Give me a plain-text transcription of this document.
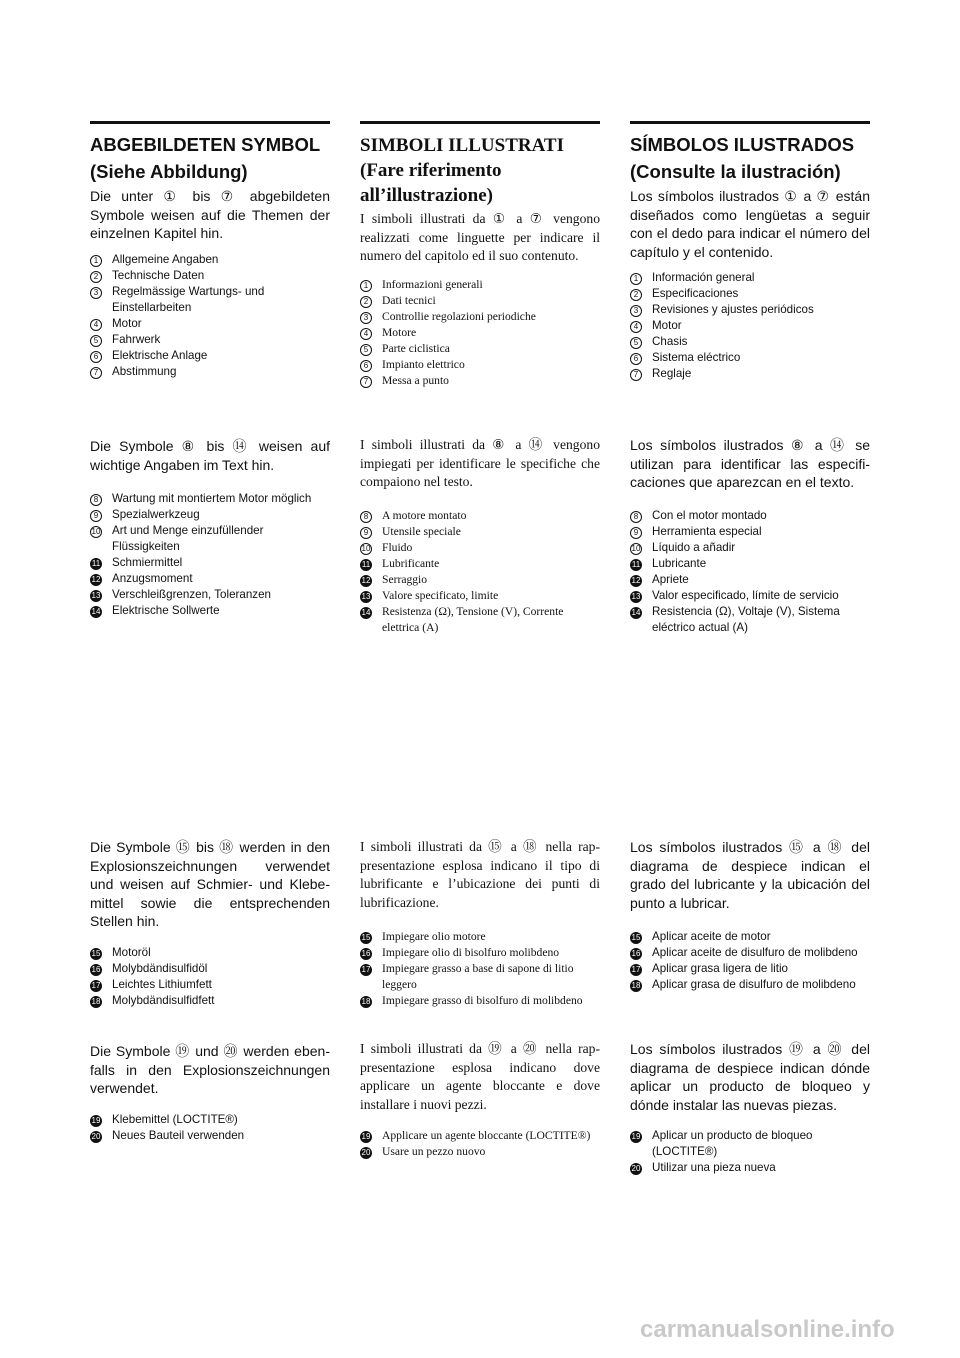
ABGEBILDETEN SYMBOL
(Siehe Abbildung)

Die unter ① bis ⑦ abgebildeten Symbole weisen auf die Themen der einzelnen Kapitel hin.

1 Allgemeine Angaben
2 Technische Daten
3 Regelmässige Wartungs- und Einstellarbeiten
4 Motor
5 Fahrwerk
6 Elektrische Anlage
7 Abstimmung

Die Symbole ⑧ bis ⑭ weisen auf wichtige Angaben im Text hin.

8 Wartung mit montiertem Motor möglich
9 Spezialwerkzeug
10 Art und Menge einzufüllender Flüssigkeiten
11 Schmiermittel
12 Anzugsmoment
13 Verschleißgrenzen, Toleranzen
14 Elektrische Sollwerte

Die Symbole ⑮ bis ⑱ werden in den Explosionszeichnungen verwendet und weisen auf Schmier- und Klebe-mittel sowie die entsprechenden Stellen hin.

15 Motoröl
16 Molybdändisulfidöl
17 Leichtes Lithiumfett
18 Molybdändisulfidfett

Die Symbole ⑲ und ⑳ werden eben-falls in den Explosionszeichnungen verwendet.

19 Klebemittel (LOCTITE®)
20 Neues Bauteil verwenden
SIMBOLI ILLUSTRATI
(Fare riferimento
all’illustrazione)

I simboli illustrati da ① a ⑦ vengono realizzati come linguette per indicare il numero del capitolo ed il suo contenuto.

1 Informazioni generali
2 Dati tecnici
3 Controllie regolazioni periodiche
4 Motore
5 Parte ciclistica
6 Impianto elettrico
7 Messa a punto

I simboli illustrati da ⑧ a ⑭ vengono impiegati per identificare le specifiche che compaiono nel testo.

8 A motore montato
9 Utensile speciale
10 Fluido
11 Lubrificante
12 Serraggio
13 Valore specificato, limite
14 Resistenza (Ω), Tensione (V), Corrente elettrica (A)

I simboli illustrati da ⑮ a ⑱ nella rap-presentazione esplosa indicano il tipo di lubrificante e l’ubicazione dei punti di lubrificazione.

15 Impiegare olio motore
16 Impiegare olio di bisolfuro molibdeno
17 Impiegare grasso a base di sapone di litio leggero
18 Impiegare grasso di bisolfuro di molibdeno

I simboli illustrati da ⑲ a ⑳ nella rap-presentazione esplosa indicano dove applicare un agente bloccante e dove installare i nuovi pezzi.

19 Applicare un agente bloccante (LOCTITE®)
20 Usare un pezzo nuovo
SÍMBOLOS ILUSTRADOS
(Consulte la ilustración)

Los símbolos ilustrados ① a ⑦ están diseñados como lengüetas a seguir con el dedo para indicar el número del capítulo y el contenido.

1 Información general
2 Especificaciones
3 Revisiones y ajustes periódicos
4 Motor
5 Chasis
6 Sistema eléctrico
7 Reglaje

Los símbolos ilustrados ⑧ a ⑭ se utilizan para identificar las especifi-caciones que aparezcan en el texto.

8 Con el motor montado
9 Herramienta especial
10 Líquido a añadir
11 Lubricante
12 Apriete
13 Valor especificado, límite de servicio
14 Resistencia (Ω), Voltaje (V), Sistema eléctrico actual (A)

Los símbolos ilustrados ⑮ a ⑱ del diagrama de despiece indican el grado del lubricante y la ubicación del punto a lubricar.

15 Aplicar aceite de motor
16 Aplicar aceite de disulfuro de molibdeno
17 Aplicar grasa ligera de litio
18 Aplicar grasa de disulfuro de molibdeno

Los símbolos ilustrados ⑲ a ⑳ del diagrama de despiece indican dónde aplicar un producto de bloqueo y dónde instalar las nuevas piezas.

19 Aplicar un producto de bloqueo (LOCTITE®)
20 Utilizar una pieza nueva
carmanualsonline.info
